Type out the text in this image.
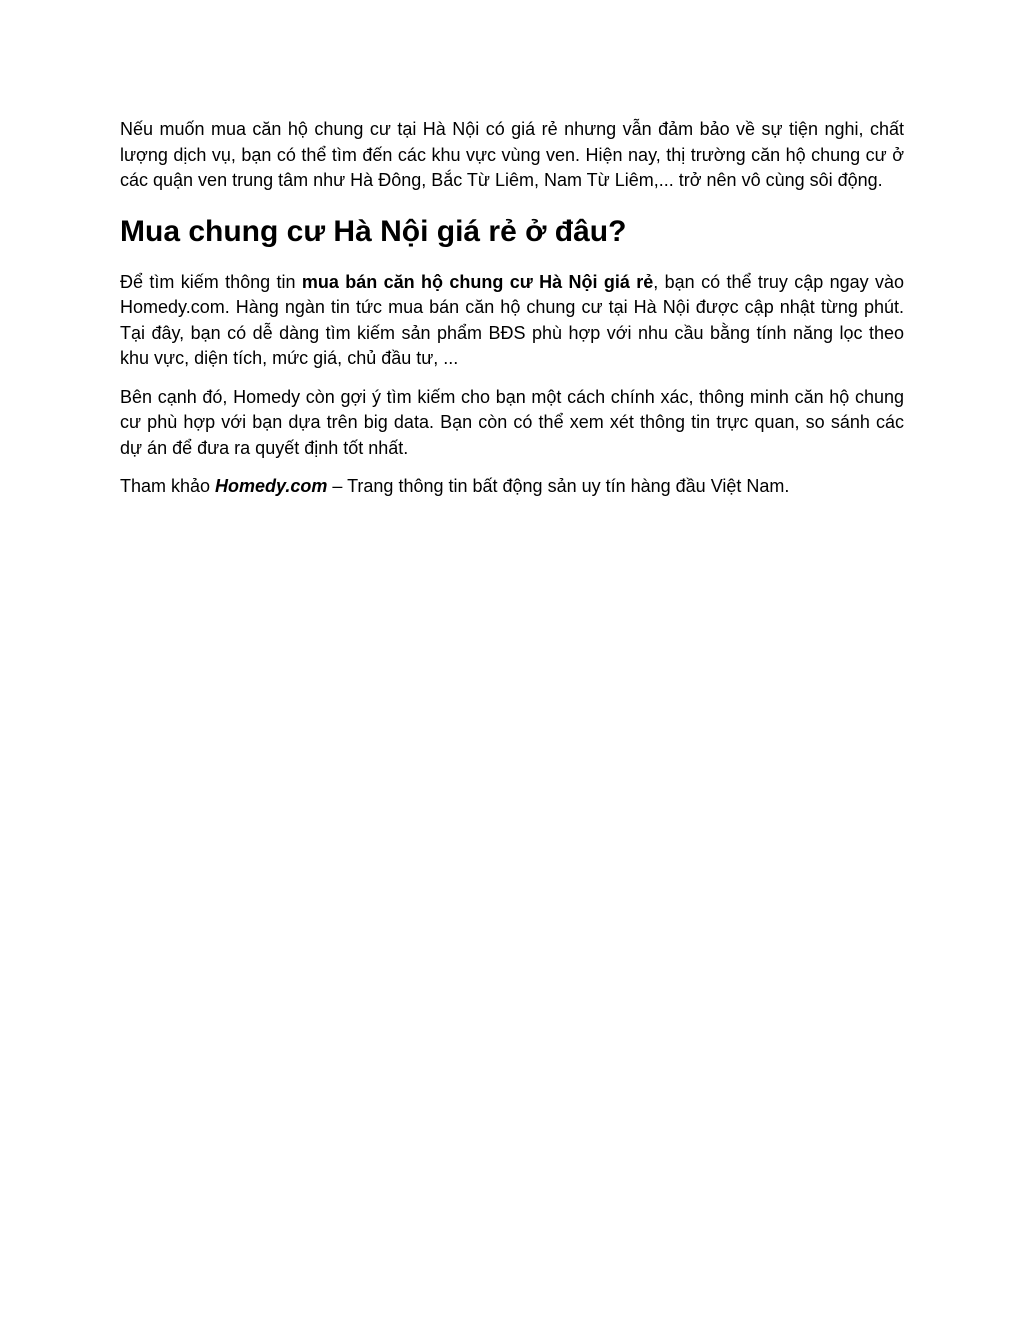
Nếu muốn mua căn hộ chung cư tại Hà Nội có giá rẻ nhưng vẫn đảm bảo về sự tiện nghi, chất lượng dịch vụ, bạn có thể tìm đến các khu vực vùng ven. Hiện nay, thị trường căn hộ chung cư ở các quận ven trung tâm như Hà Đông, Bắc Từ Liêm, Nam Từ Liêm,... trở nên vô cùng sôi động.

Mua chung cư Hà Nội giá rẻ ở đâu?

Để tìm kiếm thông tin mua bán căn hộ chung cư Hà Nội giá rẻ, bạn có thể truy cập ngay vào Homedy.com. Hàng ngàn tin tức mua bán căn hộ chung cư tại Hà Nội được cập nhật từng phút. Tại đây, bạn có dễ dàng tìm kiếm sản phẩm BĐS phù hợp với nhu cầu bằng tính năng lọc theo khu vực, diện tích, mức giá, chủ đầu tư, ...

Bên cạnh đó, Homedy còn gợi ý tìm kiếm cho bạn một cách chính xác, thông minh căn hộ chung cư phù hợp với bạn dựa trên big data. Bạn còn có thể xem xét thông tin trực quan, so sánh các dự án để đưa ra quyết định tốt nhất.

Tham khảo Homedy.com – Trang thông tin bất động sản uy tín hàng đầu Việt Nam.
